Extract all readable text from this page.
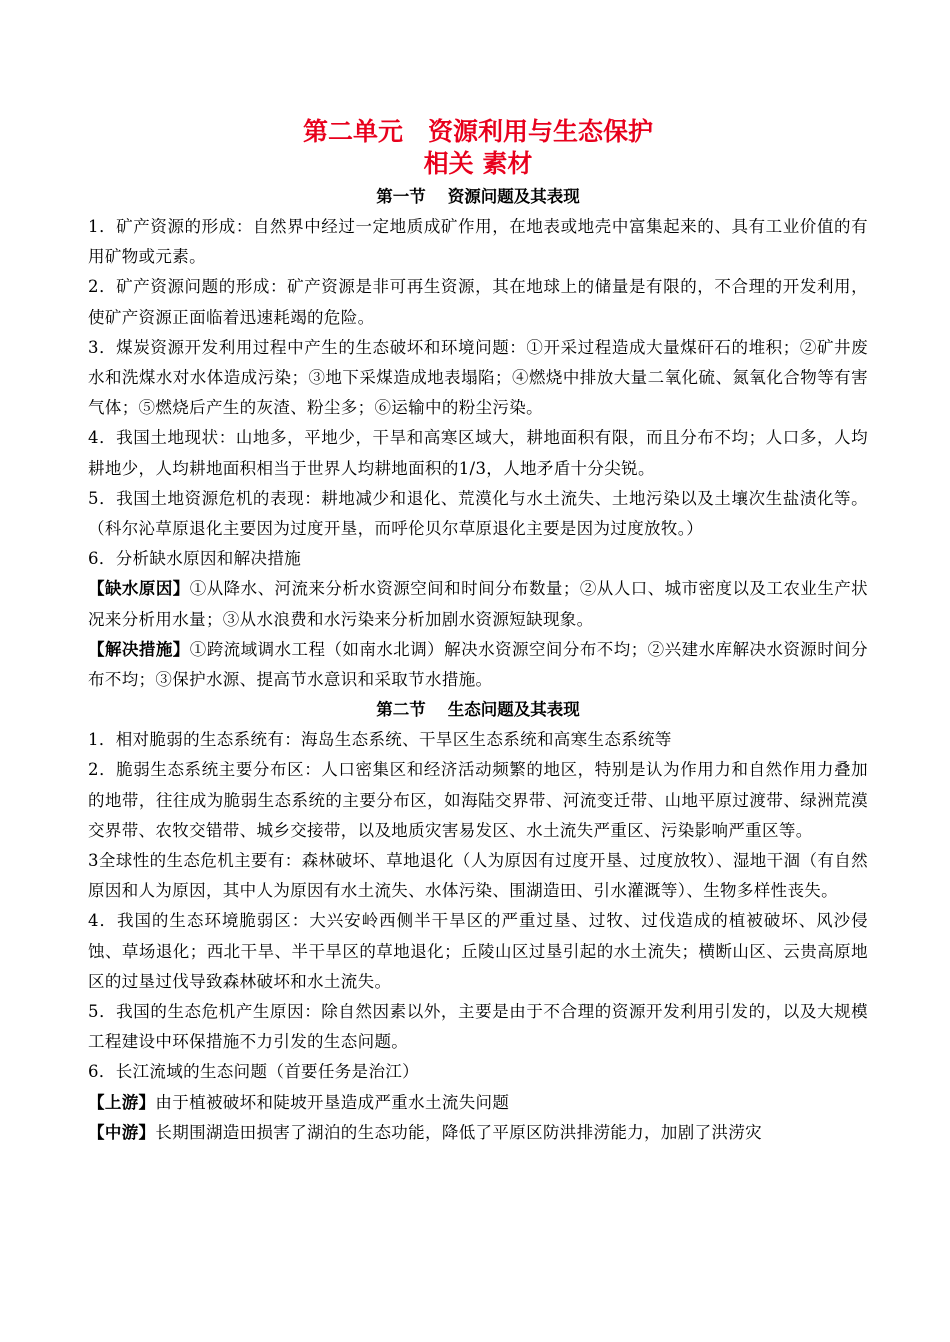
第二单元　资源利用与生态保护
相关 素材
第一节 资源问题及其表现

1．矿产资源的形成：自然界中经过一定地质成矿作用，在地表或地壳中富集起来的、具有工业价值的有用矿物或元素。

2．矿产资源问题的形成：矿产资源是非可再生资源，其在地球上的储量是有限的，不合理的开发利用，使矿产资源正面临着迅速耗竭的危险。

3．煤炭资源开发利用过程中产生的生态破坏和环境问题：①开采过程造成大量煤矸石的堆积；②矿井废水和洗煤水对水体造成污染；③地下采煤造成地表塌陷；④燃烧中排放大量二氧化硫、氮氧化合物等有害气体；⑤燃烧后产生的灰渣、粉尘多；⑥运输中的粉尘污染。

4．我国土地现状：山地多，平地少，干旱和高寒区域大，耕地面积有限，而且分布不均；人口多，人均耕地少，人均耕地面积相当于世界人均耕地面积的1/3，人地矛盾十分尖锐。

5．我国土地资源危机的表现：耕地减少和退化、荒漠化与水土流失、土地污染以及土壤次生盐渍化等。（科尔沁草原退化主要因为过度开垦，而呼伦贝尔草原退化主要是因为过度放牧。）

6．分析缺水原因和解决措施

【缺水原因】①从降水、河流来分析水资源空间和时间分布数量；②从人口、城市密度以及工农业生产状况来分析用水量；③从水浪费和水污染来分析加剧水资源短缺现象。

【解决措施】①跨流域调水工程（如南水北调）解决水资源空间分布不均；②兴建水库解决水资源时间分布不均；③保护水源、提高节水意识和采取节水措施。

第二节 生态问题及其表现

1．相对脆弱的生态系统有：海岛生态系统、干旱区生态系统和高寒生态系统等

2．脆弱生态系统主要分布区：人口密集区和经济活动频繁的地区，特别是认为作用力和自然作用力叠加的地带，往往成为脆弱生态系统的主要分布区，如海陆交界带、河流变迁带、山地平原过渡带、绿洲荒漠交界带、农牧交错带、城乡交接带，以及地质灾害易发区、水土流失严重区、污染影响严重区等。

3全球性的生态危机主要有：森林破坏、草地退化（人为原因有过度开垦、过度放牧）、湿地干涸（有自然原因和人为原因，其中人为原因有水土流失、水体污染、围湖造田、引水灌溉等）、生物多样性丧失。

4．我国的生态环境脆弱区：大兴安岭西侧半干旱区的严重过垦、过牧、过伐造成的植被破坏、风沙侵蚀、草场退化；西北干旱、半干旱区的草地退化；丘陵山区过垦引起的水土流失；横断山区、云贵高原地区的过垦过伐导致森林破坏和水土流失。

5．我国的生态危机产生原因：除自然因素以外，主要是由于不合理的资源开发利用引发的，以及大规模工程建设中环保措施不力引发的生态问题。

6．长江流域的生态问题（首要任务是治江）

【上游】由于植被破坏和陡坡开垦造成严重水土流失问题

【中游】长期围湖造田损害了湖泊的生态功能，降低了平原区防洪排涝能力，加剧了洪涝灾
